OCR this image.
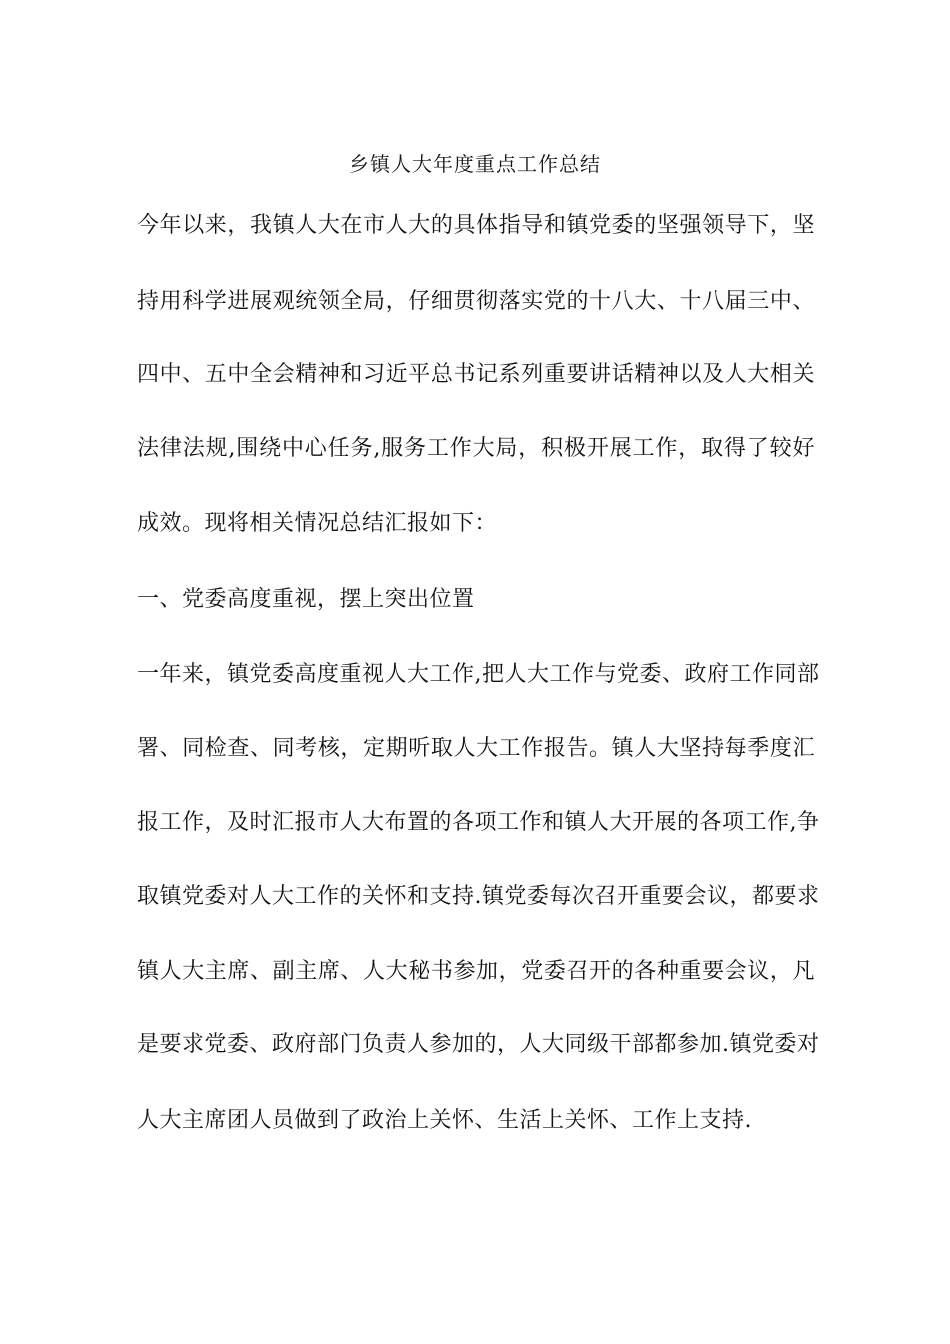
乡镇人大年度重点工作总结
今年以来，我镇人大在市人大的具体指导和镇党委的坚强领导下，坚
持用科学进展观统领全局，仔细贯彻落实党的十八大、十八届三中、
四中、五中全会精神和习近平总书记系列重要讲话精神以及人大相关
法律法规,围绕中心任务,服务工作大局，积极开展工作，取得了较好
成效。现将相关情况总结汇报如下：
一、党委高度重视，摆上突出位置
一年来，镇党委高度重视人大工作,把人大工作与党委、政府工作同部
署、同检查、同考核，定期听取人大工作报告。镇人大坚持每季度汇
报工作，及时汇报市人大布置的各项工作和镇人大开展的各项工作,争
取镇党委对人大工作的关怀和支持.镇党委每次召开重要会议，都要求
镇人大主席、副主席、人大秘书参加，党委召开的各种重要会议，凡
是要求党委、政府部门负责人参加的，人大同级干部都参加.镇党委对
人大主席团人员做到了政治上关怀、生活上关怀、工作上支持.
